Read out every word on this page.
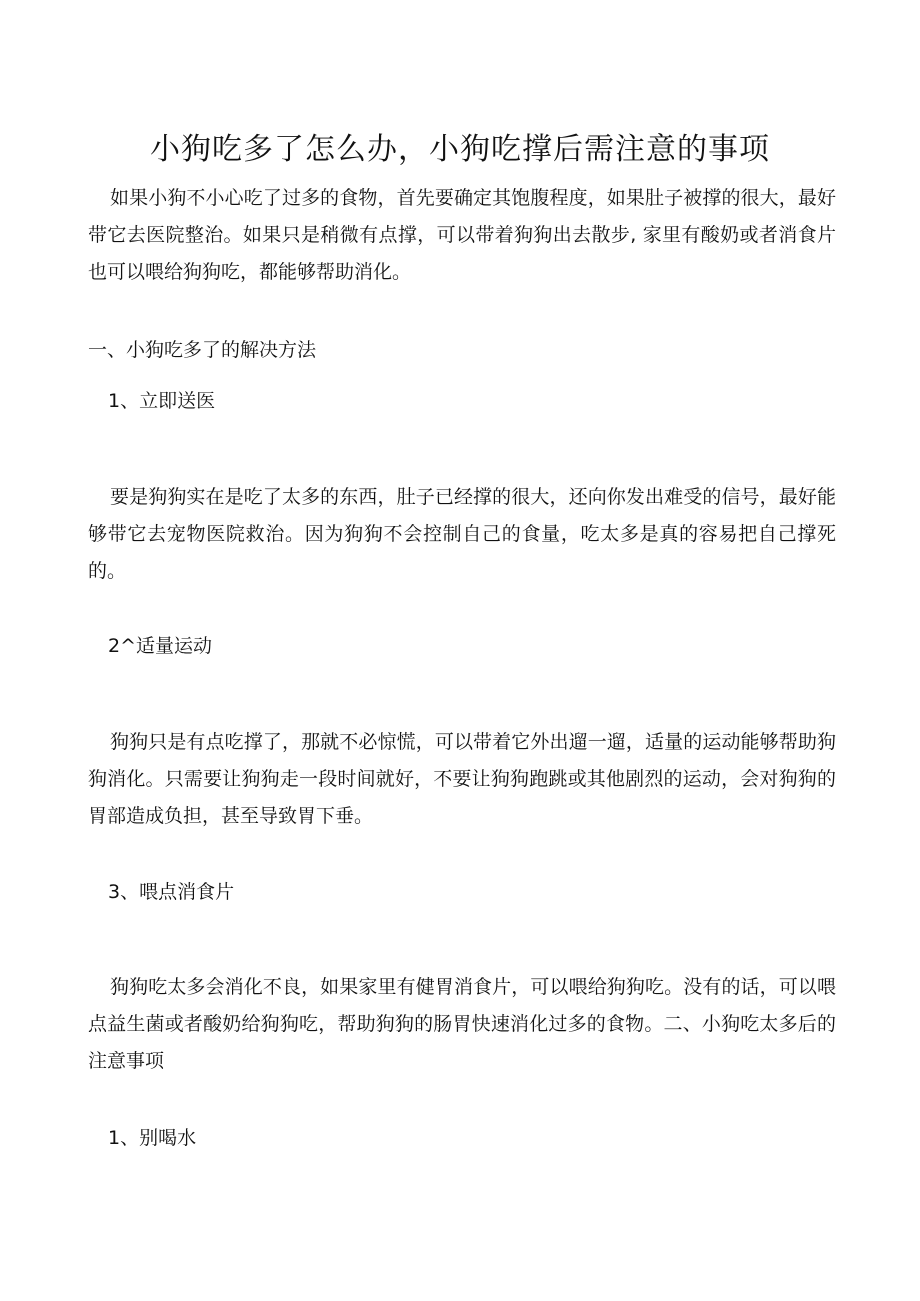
小狗吃多了怎么办，小狗吃撑后需注意的事项

如果小狗不小心吃了过多的食物，首先要确定其饱腹程度，如果肚子被撑的很大，最好带它去医院整治。如果只是稍微有点撑，可以带着狗狗出去散步, 家里有酸奶或者消食片也可以喂给狗狗吃，都能够帮助消化。

一、小狗吃多了的解决方法

1、立即送医

要是狗狗实在是吃了太多的东西，肚子已经撑的很大，还向你发出难受的信号，最好能够带它去宠物医院救治。因为狗狗不会控制自己的食量，吃太多是真的容易把自己撑死的。

2^适量运动

狗狗只是有点吃撑了，那就不必惊慌，可以带着它外出遛一遛，适量的运动能够帮助狗狗消化。只需要让狗狗走一段时间就好，不要让狗狗跑跳或其他剧烈的运动，会对狗狗的胃部造成负担，甚至导致胃下垂。

3、喂点消食片

狗狗吃太多会消化不良，如果家里有健胃消食片，可以喂给狗狗吃。没有的话，可以喂点益生菌或者酸奶给狗狗吃，帮助狗狗的肠胃快速消化过多的食物。二、小狗吃太多后的注意事项

1、别喝水
